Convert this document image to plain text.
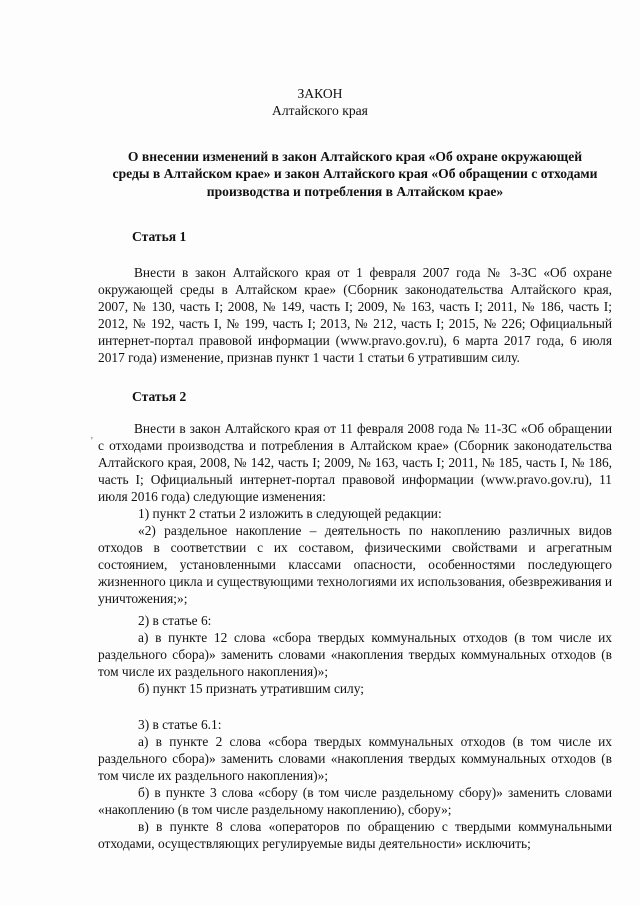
ЗАКОН
Алтайского края
О внесении изменений в закон Алтайского края «Об охране окружающей
среды в Алтайском крае» и закон Алтайского края «Об обращении с отходами
производства и потребления в Алтайском крае»
Статья 1
Внести в закон Алтайского края от 1 февраля 2007 года № 3-ЗС «Об охране окружающей среды в Алтайском крае» (Сборник законодательства Алтайского края, 2007, № 130, часть I; 2008, № 149, часть I; 2009, № 163, часть I; 2011, № 186, часть I; 2012, № 192, часть I, № 199, часть I; 2013, № 212, часть I; 2015, № 226; Официальный интернет-портал правовой информации (www.pravo.gov.ru), 6 марта 2017 года, 6 июля 2017 года) изменение, признав пункт 1 части 1 статьи 6 утратившим силу.
Статья 2
'
Внести в закон Алтайского края от 11 февраля 2008 года № 11-ЗС «Об обращении с отходами производства и потребления в Алтайском крае» (Сборник законодательства Алтайского края, 2008, № 142, часть I; 2009, № 163, часть I; 2011, № 185, часть I, № 186, часть I; Официальный интернет-портал правовой информации (www.pravo.gov.ru), 11 июля 2016 года) следующие изменения:
1) пункт 2 статьи 2 изложить в следующей редакции:
«2) раздельное накопление – деятельность по накоплению различных видов отходов в соответствии с их составом, физическими свойствами и агрегатным состоянием, установленными классами опасности, особенностями последующего жизненного цикла и существующими технологиями их использования, обезвреживания и уничтожения;»;
2) в статье 6:
а) в пункте 12 слова «сбора твердых коммунальных отходов (в том числе их раздельного сбора)» заменить словами «накопления твердых коммунальных отходов (в том числе их раздельного накопления)»;
б) пункт 15 признать утратившим силу;
3) в статье 6.1:
а) в пункте 2 слова «сбора твердых коммунальных отходов (в том числе их раздельного сбора)» заменить словами «накопления твердых коммунальных отходов (в том числе их раздельного накопления)»;
б) в пункте 3 слова «сбору (в том числе раздельному сбору)» заменить словами «накоплению (в том числе раздельному накоплению), сбору»;
в) в пункте 8 слова «операторов по обращению с твердыми коммунальными отходами, осуществляющих регулируемые виды деятельности» исключить;
